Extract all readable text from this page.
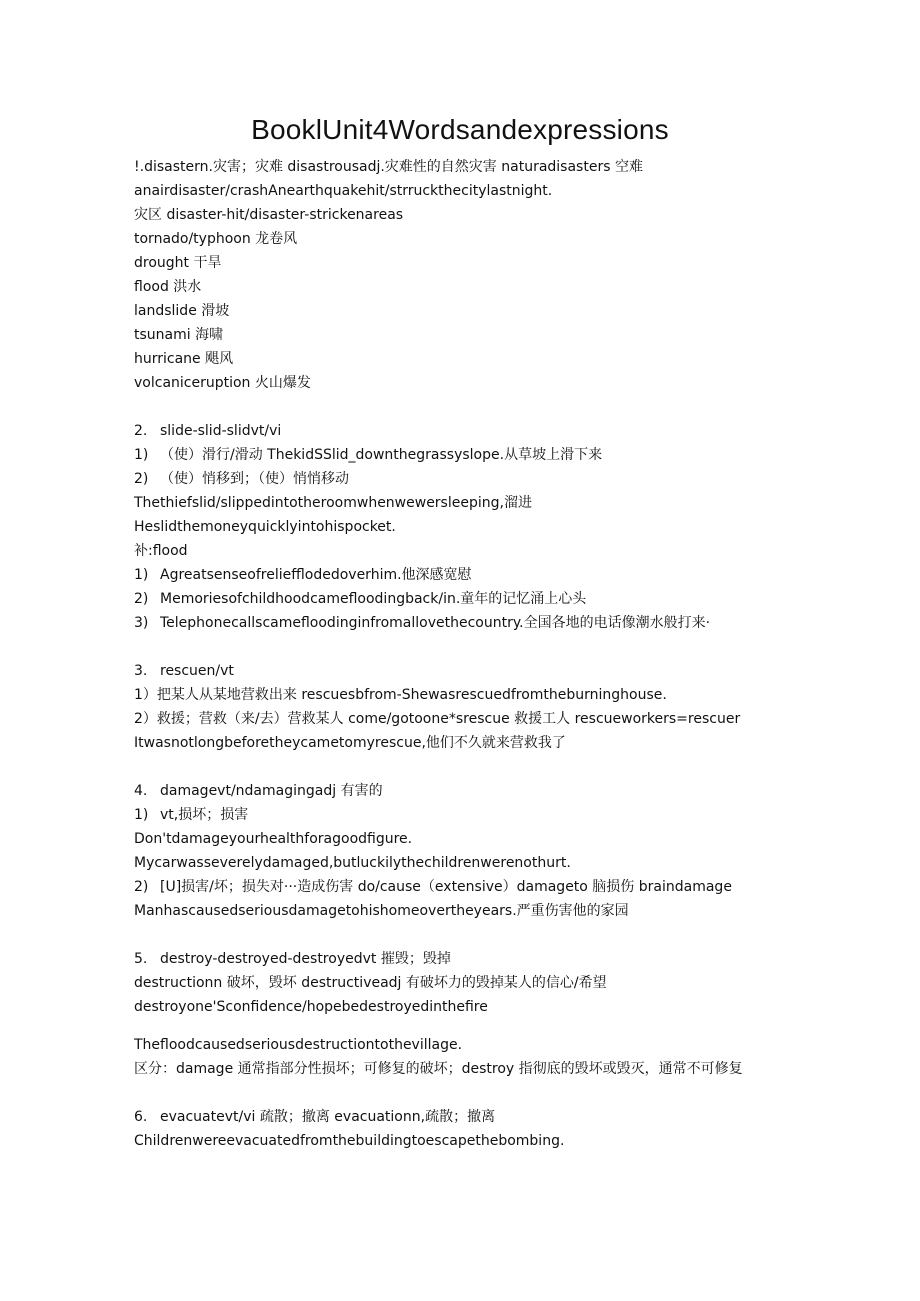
BooklUnit4Wordsandexpressions
!.disastern.灾害；灾难 disastrousadj.灾难性的自然灾害 naturadisasters 空难
anairdisaster/crashAnearthquakehit/strruckthecitylastnight.
灾区 disaster-hit/disaster-strickenareas
tornado/typhoon 龙卷风
drought 干旱
flood 洪水
landslide 滑坡
tsunami 海啸
hurricane 飓风
volcaniceruption 火山爆发
2. slide-slid-slidvt/vi
1) （使）滑行/滑动 ThekidSSlid_downthegrassyslope.从草坡上滑下来
2) （使）悄移到；（使）悄悄移动
Thethiefslid/slippedintotheroomwhenwewersleeping,溜进
Heslidthemoneyquicklyintohispocket.
补:flood
1) Agreatsenseofreliefflodedoverhim.他深感宽慰
2) Memoriesofchildhoodcamefloodingback/in.童年的记忆涌上心头
3) Telephonecallscamefloodinginfromallovethecountry.全国各地的电话像潮水般打来·
3. rescuen/vt
1）把某人从某地营救出来 rescuesbfrom-Shewasrescuedfromtheburninghouse.
2）救援；营救（来/去）营救某人 come/gotoone*srescue 救援工人 rescueworkers=rescuer
Itwasnotlongbeforetheycametomyrescue,他们不久就来营救我了
4. damagevt/ndamagingadj 有害的
1) vt,损坏；损害
Don'tdamageyourhealthforagoodfigure.
Mycarwasseverelydamaged,butluckilythechildrenwerenothurt.
2) [U]损害/坏；损失对···造成伤害 do/cause（extensive）damageto 脑损伤 braindamage
Manhascausedseriousdamagetohishomeovertheyears.严重伤害他的家园
5. destroy-destroyed-destroyedvt 摧毁；毁掉
destructionn 破坏，毁坏 destructiveadj 有破坏力的毁掉某人的信心/希望
destroyone'Sconfidence/hopebedestroyedinthefire
Thefloodcausedseriousdestructiontothevillage.
区分：damage 通常指部分性损坏；可修复的破坏；destroy 指彻底的毁坏或毁灭，通常不可修复
6. evacuatevt/vi 疏散；撤离 evacuationn,疏散；撤离
Childrenwereevacuatedfromthebuildingtoescapethebombing.
